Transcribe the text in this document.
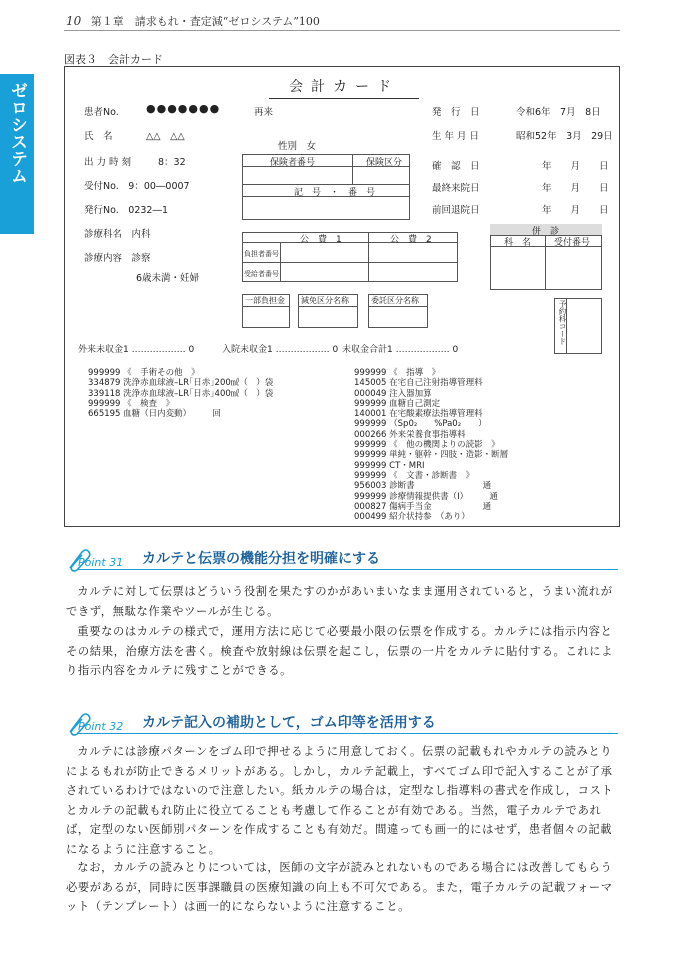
10 第１章　請求もれ・査定減“ゼロシステム”100
ゼロシステム
図表３　会計カード
会計カード
患者No. ●●●●●●●	再来
氏　名	△△　△△
性別　女
出 力 時 刻	8：32
受付No.　9：00―0007
発行No.　0232―1
診療科名　内科
診療内容　診察
6歳未満・妊婦
発　行　日	令和6年　7月　8日
生 年 月 日	昭和52年　3月　29日
確　認　日	年　　月　　日
最終来院日	年　　月　　日
前回退院日	年　　月　　日
保険者番号	保険区分
記　号　・　番　号
公　費　1	公　費　2
負担者番号
受給者番号
併　診
科　名	受付番号
一部負担金 減免区分名称	委託区分名称	予約科コード
外来未収金1 ……………… 0	入院未収金1 ……………… 0 未収金合計1 ……………… 0
999999 《　手術その他　》
334879 洗浄赤血球液–LR｢日赤｣200㎖（　）袋
339118 洗浄赤血球液–LR｢日赤｣400㎖（　）袋
999999 《　検査　》
665195 血糖（日内変動）　　　回
999999 《　指導　》
145005 在宅自己注射指導管理料
000049 注入器加算
999999 血糖自己測定
140001 在宅酸素療法指導管理料
999999 （Sp0₂　　%Pa0₂　　）
000266 外来栄養食事指導料
999999 《　他の機関よりの読影　》
999999 単純・躯幹・四肢・造影・断層
999999 CT・MRI
999999 《　文書・診断書　》
956003 診断書　　　　　　　　通
999999 診療情報提供書（Ⅰ）　　　通
000827 傷病手当金　　　　　　通
000499 紹介状持参　（あり）
Point 31 カルテと伝票の機能分担を明確にする
カルテに対して伝票はどういう役割を果たすのかがあいまいなまま運用されていると，うまい流れができず，無駄な作業やツールが生じる。
重要なのはカルテの様式で，運用方法に応じて必要最小限の伝票を作成する。カルテには指示内容とその結果，治療方法を書く。検査や放射線は伝票を起こし，伝票の一片をカルテに貼付する。これにより指示内容をカルテに残すことができる。
Point 32 カルテ記入の補助として，ゴム印等を活用する
カルテには診療パターンをゴム印で押せるように用意しておく。伝票の記載もれやカルテの読みとりによるもれが防止できるメリットがある。しかし，カルテ記載上，すべてゴム印で記入することが了承されているわけではないので注意したい。紙カルテの場合は，定型なし指導料の書式を作成し，コストとカルテの記載もれ防止に役立てることも考慮して作ることが有効である。当然，電子カルテであれば，定型のない医師別パターンを作成することも有効だ。間違っても画一的にはせず，患者個々の記載になるように注意すること。
なお，カルテの読みとりについては，医師の文字が読みとれないものである場合には改善してもらう必要があるが，同時に医事課職員の医療知識の向上も不可欠である。また，電子カルテの記載フォーマット（テンプレート）は画一的にならないように注意すること。
